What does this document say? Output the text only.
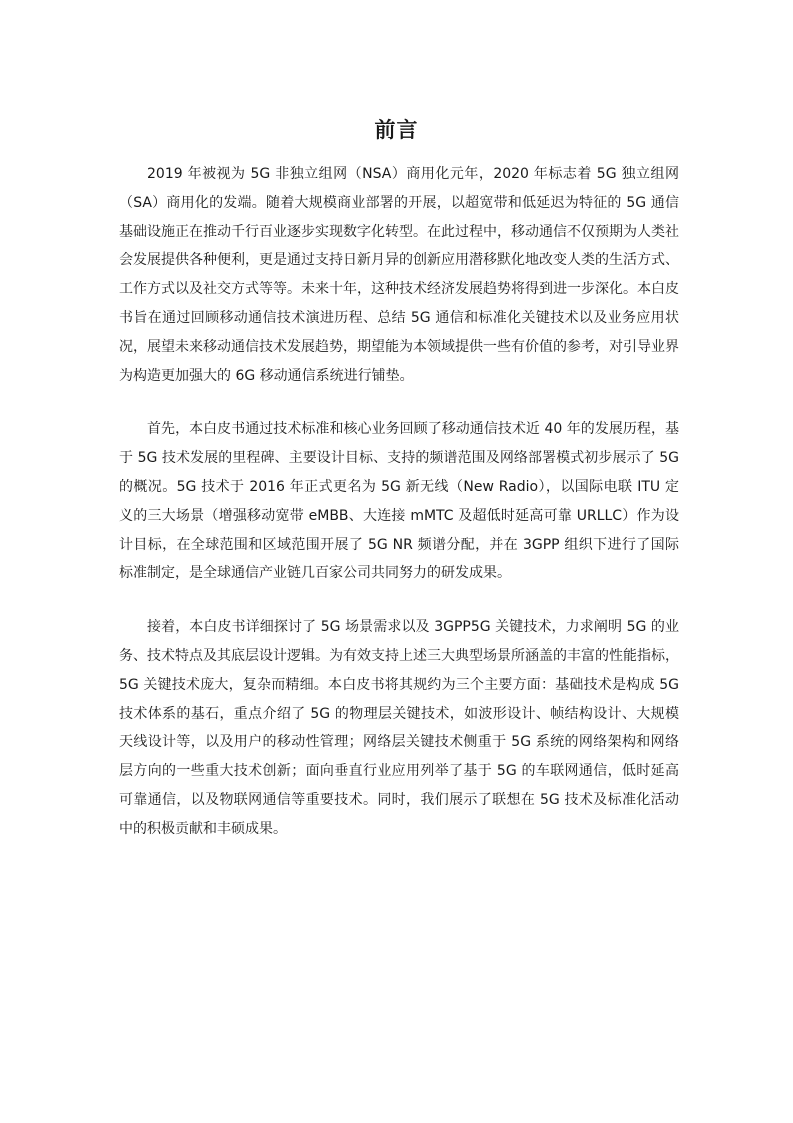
前言

2019 年被视为 5G 非独立组网（NSA）商用化元年，2020 年标志着 5G 独立组网（SA）商用化的发端。随着大规模商业部署的开展，以超宽带和低延迟为特征的 5G 通信基础设施正在推动千行百业逐步实现数字化转型。在此过程中，移动通信不仅预期为人类社会发展提供各种便利，更是通过支持日新月异的创新应用潜移默化地改变人类的生活方式、工作方式以及社交方式等等。未来十年，这种技术经济发展趋势将得到进一步深化。本白皮书旨在通过回顾移动通信技术演进历程、总结 5G 通信和标准化关键技术以及业务应用状况，展望未来移动通信技术发展趋势，期望能为本领域提供一些有价值的参考，对引导业界为构造更加强大的 6G 移动通信系统进行铺垫。

首先，本白皮书通过技术标准和核心业务回顾了移动通信技术近 40 年的发展历程，基于 5G 技术发展的里程碑、主要设计目标、支持的频谱范围及网络部署模式初步展示了 5G 的概况。5G 技术于 2016 年正式更名为 5G 新无线（New Radio），以国际电联 ITU 定义的三大场景（增强移动宽带 eMBB、大连接 mMTC 及超低时延高可靠 URLLC）作为设计目标，在全球范围和区域范围开展了 5G NR 频谱分配，并在 3GPP 组织下进行了国际标准制定，是全球通信产业链几百家公司共同努力的研发成果。

接着，本白皮书详细探讨了 5G 场景需求以及 3GPP5G 关键技术，力求阐明 5G 的业务、技术特点及其底层设计逻辑。为有效支持上述三大典型场景所涵盖的丰富的性能指标，5G 关键技术庞大，复杂而精细。本白皮书将其规约为三个主要方面：基础技术是构成 5G 技术体系的基石，重点介绍了 5G 的物理层关键技术，如波形设计、帧结构设计、大规模天线设计等，以及用户的移动性管理；网络层关键技术侧重于 5G 系统的网络架构和网络层方向的一些重大技术创新；面向垂直行业应用列举了基于 5G 的车联网通信，低时延高可靠通信，以及物联网通信等重要技术。同时，我们展示了联想在 5G 技术及标准化活动中的积极贡献和丰硕成果。
